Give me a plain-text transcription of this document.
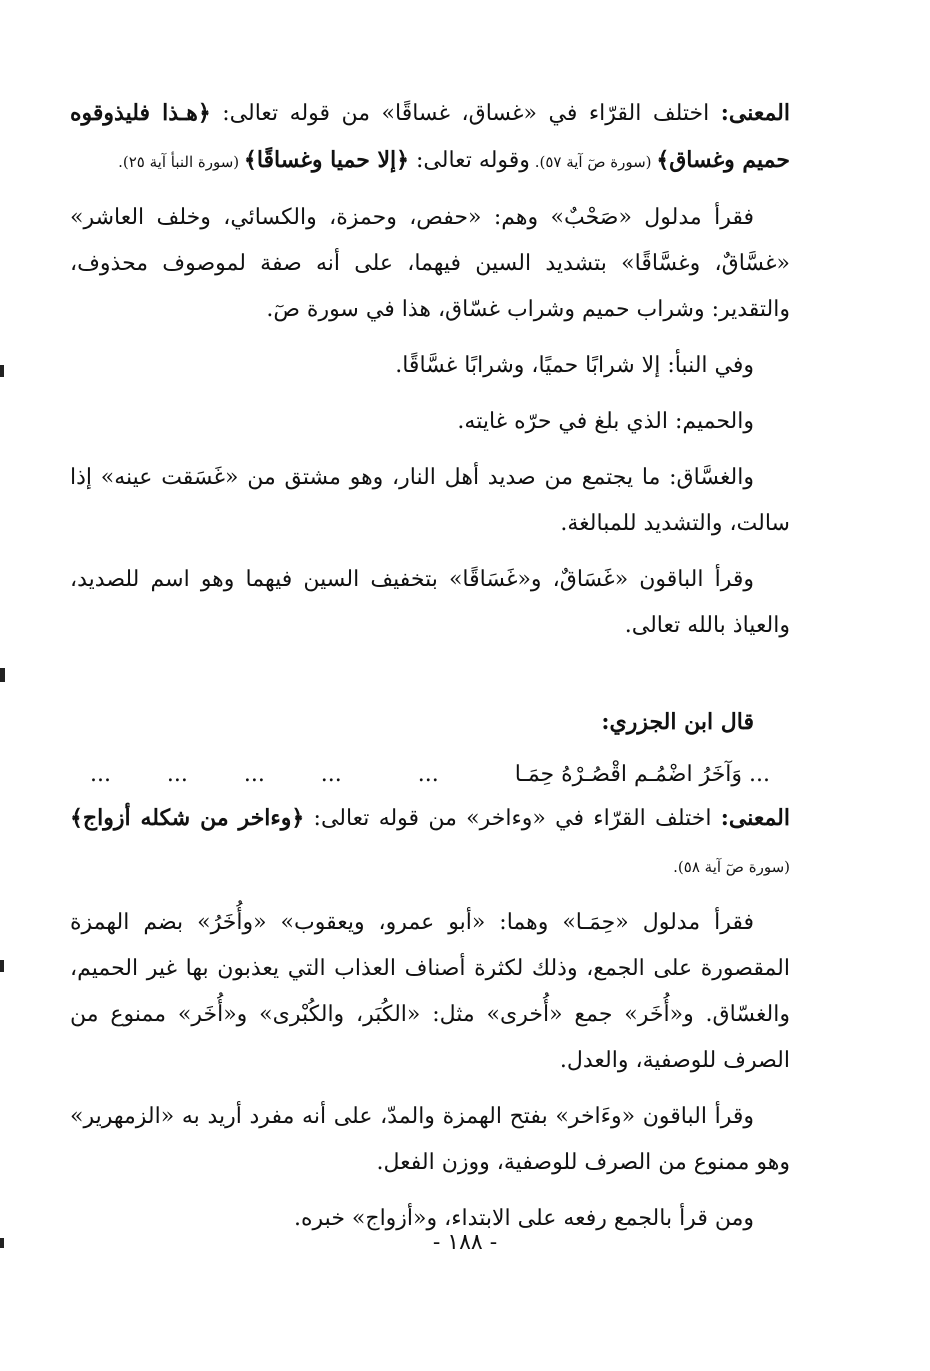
المعنى: اختلف القرّاء في «غساق، غساقًا» من قوله تعالى: ﴿هـذا فليذوقوه حميم وغساق﴾ (سورة صٓ آية ٥٧). وقوله تعالى: ﴿إلا حميا وغساقًا﴾ (سورة النبأ آية ٢٥).

فقرأ مدلول «صَحْبٌ» وهم: «حفص، وحمزة، والكسائي، وخلف العاشر» «غسَّاقٌ، وغسَّاقًا» بتشديد السين فيهما، على أنه صفة لموصوف محذوف، والتقدير: وشراب حميم وشراب غسّاق، هذا في سورة صٓ.

وفي النبأ: إلا شرابًا حميًا، وشرابًا غسَّاقًا.

والحميم: الذي بلغ في حرّه غايته.

والغسَّاق: ما يجتمع من صديد أهل النار، وهو مشتق من «غَسَقت عينه» إذا سالت، والتشديد للمبالغة.

وقرأ الباقون «غَسَاقٌ، و«غَسَاقًا» بتخفيف السين فيهما وهو اسم للصديد، والعياذ بالله تعالى.

قال ابن الجزري:

... وَآخَرُ اضْمُـم اقْصُـرْهُ حِمَـا
...
...        ...        ...        ...

المعنى: اختلف القرّاء في «وءاخر» من قوله تعالى: ﴿وءاخر من شكله أزواج﴾ (سورة صٓ آية ٥٨).

فقرأ مدلول «حِمَـا» وهما: «أبو عمرو، ويعقوب» «وأُخَرُ» بضم الهمزة المقصورة على الجمع، وذلك لكثرة أصناف العذاب التي يعذبون بها غير الحميم، والغسّاق. و«أُخَر» جمع «أُخرى» مثل: «الكُبَر، والكُبْرى» و«أُخَر» ممنوع من الصرف للوصفية، والعدل.

وقرأ الباقون «وءَاخر» بفتح الهمزة والمدّ، على أنه مفرد أريد به «الزمهرير» وهو ممنوع من الصرف للوصفية، ووزن الفعل.

ومن قرأ بالجمع رفعه على الابتداء، و«أزواج» خبره.

- ١٨٨ -
